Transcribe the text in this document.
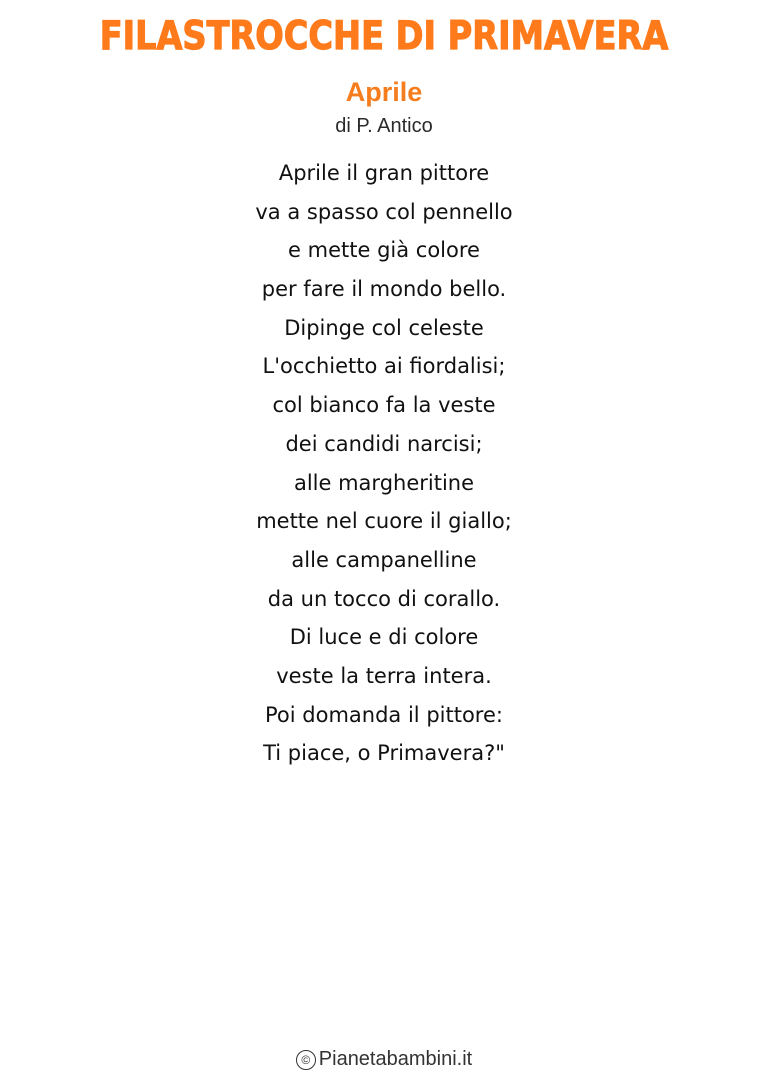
FILASTROCCHE DI PRIMAVERA
Aprile
di P. Antico
Aprile il gran pittore
va a spasso col pennello
e mette già colore
per fare il mondo bello.
Dipinge col celeste
L'occhietto ai fiordalisi;
col bianco fa la veste
dei candidi narcisi;
alle margheritine
mette nel cuore il giallo;
alle campanelline
da un tocco di corallo.
Di luce e di colore
veste la terra intera.
Poi domanda il pittore:
Ti piace, o Primavera?"
© Pianetabambini.it
